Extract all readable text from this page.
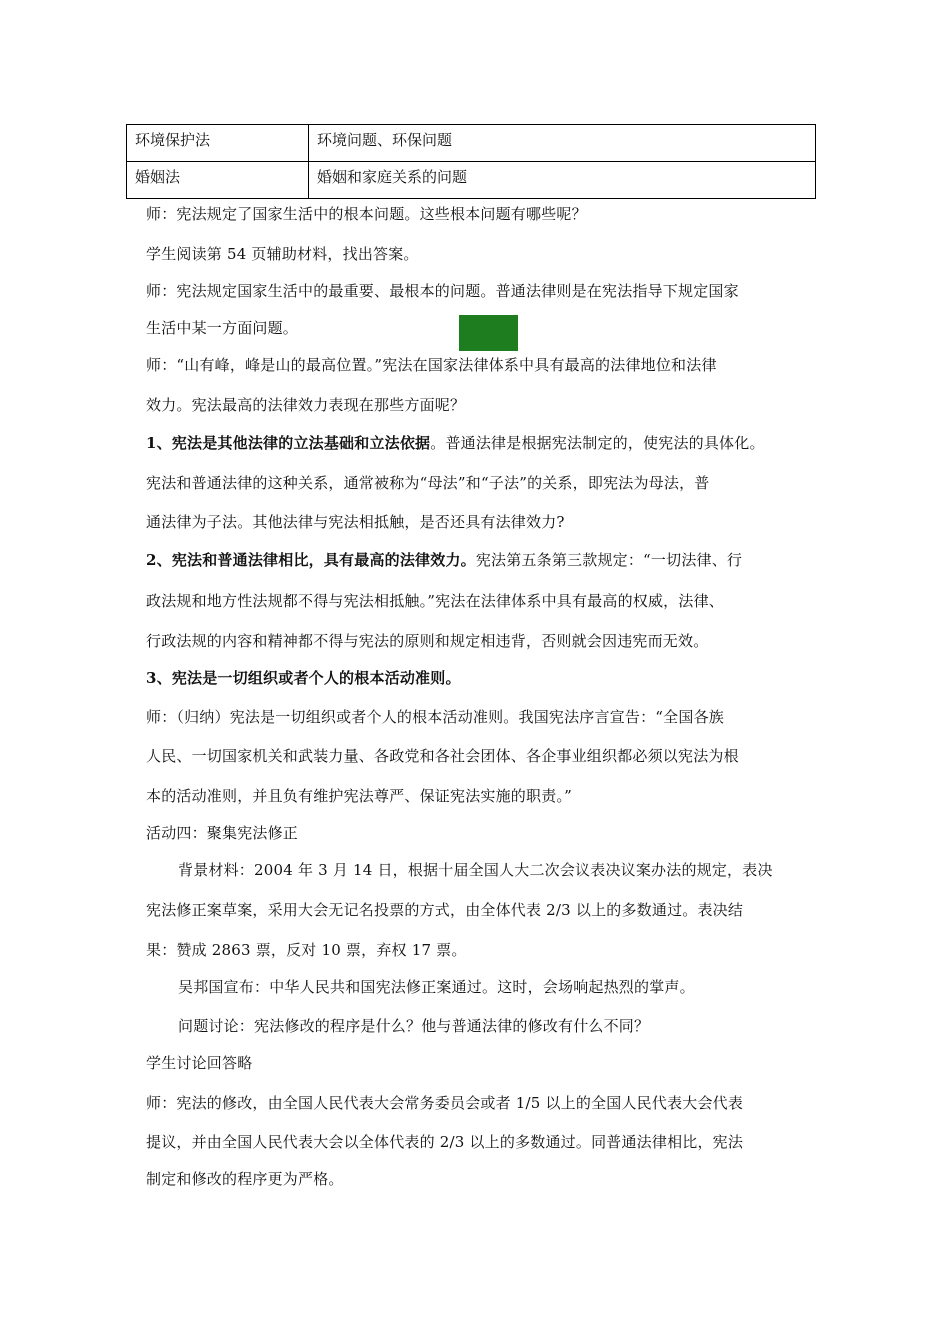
环境保护法	环境问题、环保问题
婚姻法	婚姻和家庭关系的问题
师：宪法规定了国家生活中的根本问题。这些根本问题有哪些呢？
学生阅读第 54 页辅助材料，找出答案。
师：宪法规定国家生活中的最重要、最根本的问题。普通法律则是在宪法指导下规定国家
生活中某一方面问题。
师：“山有峰，峰是山的最高位置。”宪法在国家法律体系中具有最高的法律地位和法律
效力。宪法最高的法律效力表现在那些方面呢？
1、宪法是其他法律的立法基础和立法依据。普通法律是根据宪法制定的，使宪法的具体化。
宪法和普通法律的这种关系，通常被称为“母法”和“子法”的关系，即宪法为母法，普
通法律为子法。其他法律与宪法相抵触，是否还具有法律效力?
2、宪法和普通法律相比，具有最高的法律效力。宪法第五条第三款规定：“一切法律、行
政法规和地方性法规都不得与宪法相抵触。”宪法在法律体系中具有最高的权威，法律、
行政法规的内容和精神都不得与宪法的原则和规定相违背，否则就会因违宪而无效。
3、宪法是一切组织或者个人的根本活动准则。
师：（归纳）宪法是一切组织或者个人的根本活动准则。我国宪法序言宣告：“全国各族
人民、一切国家机关和武装力量、各政党和各社会团体、各企事业组织都必须以宪法为根
本的活动准则，并且负有维护宪法尊严、保证宪法实施的职责。”
活动四：聚集宪法修正
背景材料：2004 年 3 月 14 日，根据十届全国人大二次会议表决议案办法的规定，表决
宪法修正案草案，采用大会无记名投票的方式，由全体代表 2/3 以上的多数通过。表决结
果：赞成 2863 票，反对 10 票，弃权 17 票。
吴邦国宣布：中华人民共和国宪法修正案通过。这时，会场响起热烈的掌声。
问题讨论：宪法修改的程序是什么？他与普通法律的修改有什么不同？
学生讨论回答略
师：宪法的修改，由全国人民代表大会常务委员会或者 1/5 以上的全国人民代表大会代表
提议，并由全国人民代表大会以全体代表的 2/3 以上的多数通过。同普通法律相比，宪法
制定和修改的程序更为严格。
